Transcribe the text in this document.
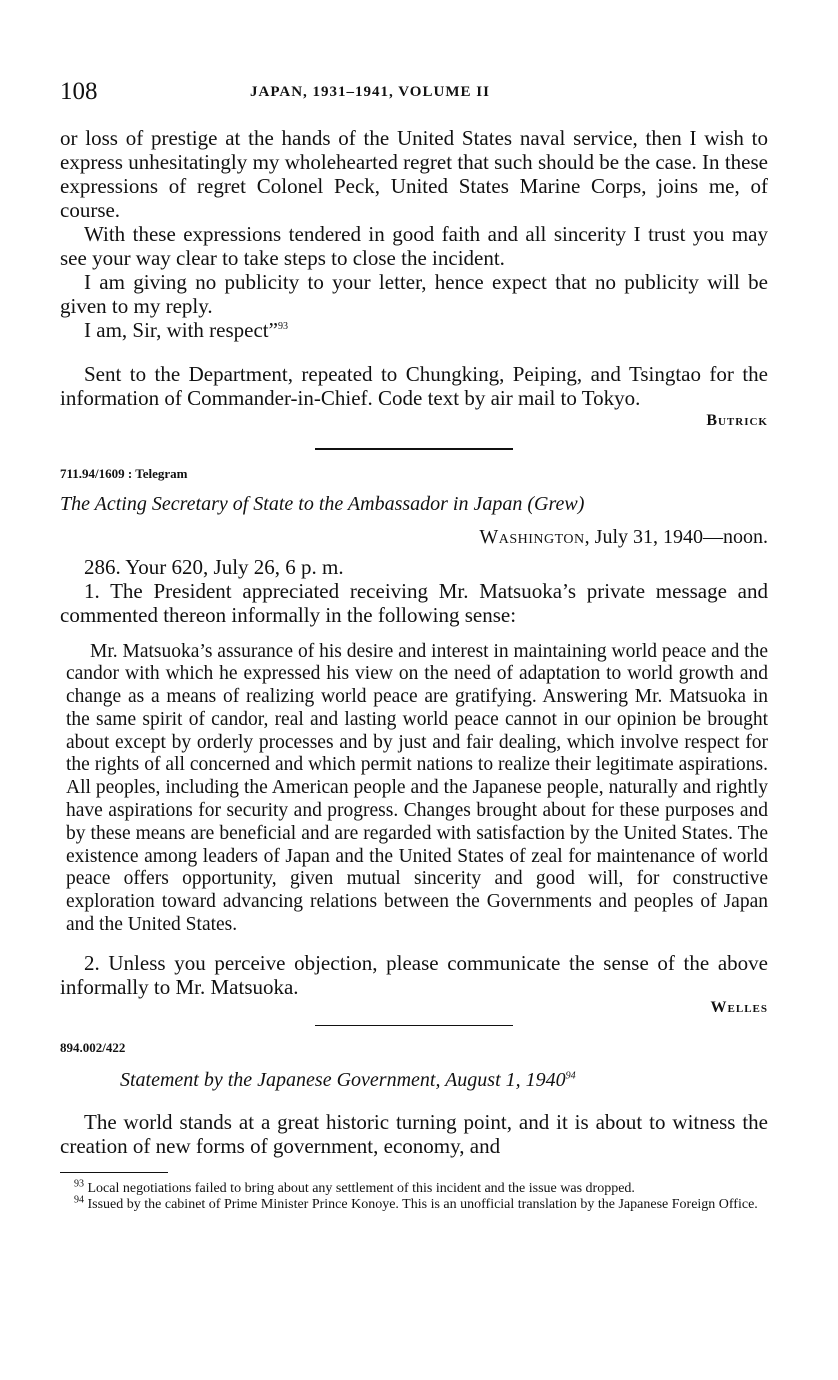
108	JAPAN, 1931–1941, VOLUME II

or loss of prestige at the hands of the United States naval service, then I wish to express unhesitatingly my wholehearted regret that such should be the case. In these expressions of regret Colonel Peck, United States Marine Corps, joins me, of course.

With these expressions tendered in good faith and all sincerity I trust you may see your way clear to take steps to close the incident.

I am giving no publicity to your letter, hence expect that no publicity will be given to my reply.

I am, Sir, with respect”$^{93}$

Sent to the Department, repeated to Chungking, Peiping, and Tsingtao for the information of Commander-in-Chief. Code text by air mail to Tokyo.

Butrick

711.94/1609 : Telegram

The Acting Secretary of State to the Ambassador in Japan (Grew)

Washington, July 31, 1940—noon.

286. Your 620, July 26, 6 p. m.

1. The President appreciated receiving Mr. Matsuoka’s private message and commented thereon informally in the following sense:

Mr. Matsuoka’s assurance of his desire and interest in maintaining world peace and the candor with which he expressed his view on the need of adaptation to world growth and change as a means of realizing world peace are gratifying. Answering Mr. Matsuoka in the same spirit of candor, real and lasting world peace cannot in our opinion be brought about except by orderly processes and by just and fair dealing, which involve respect for the rights of all concerned and which permit nations to realize their legitimate aspirations. All peoples, including the American people and the Japanese people, naturally and rightly have aspirations for security and progress. Changes brought about for these purposes and by these means are beneficial and are regarded with satisfaction by the United States. The existence among leaders of Japan and the United States of zeal for maintenance of world peace offers opportunity, given mutual sincerity and good will, for constructive exploration toward advancing relations between the Governments and peoples of Japan and the United States.

2. Unless you perceive objection, please communicate the sense of the above informally to Mr. Matsuoka.

Welles

894.002/422

Statement by the Japanese Government, August 1, 1940$^{94}$

The world stands at a great historic turning point, and it is about to witness the creation of new forms of government, economy, and

$^{93}$ Local negotiations failed to bring about any settlement of this incident and the issue was dropped.

$^{94}$ Issued by the cabinet of Prime Minister Prince Konoye. This is an unofficial translation by the Japanese Foreign Office.
